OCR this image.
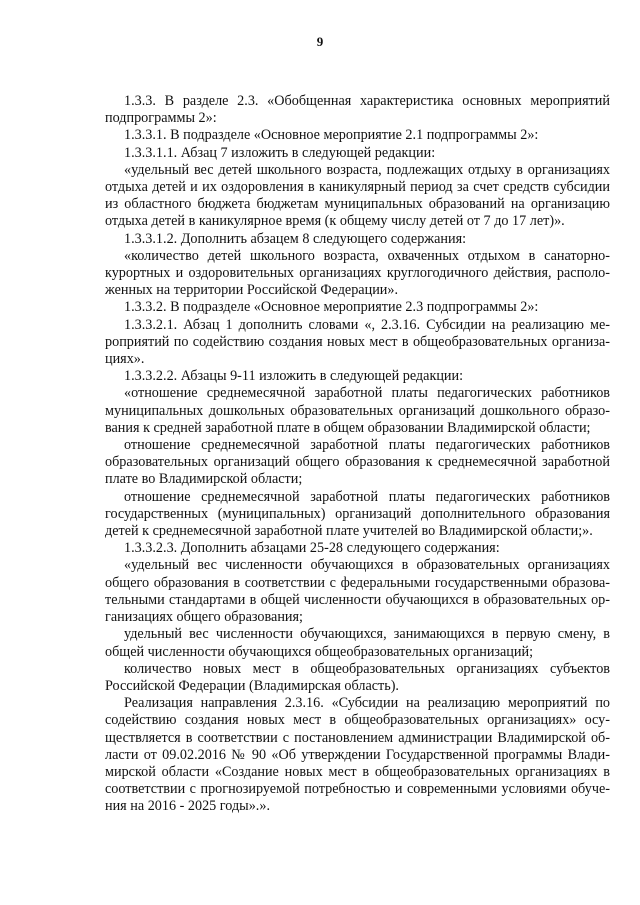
9

1.3.3. В разделе 2.3. «Обобщенная характеристика основных мероприятий подпрограммы 2»:

1.3.3.1. В подразделе «Основное мероприятие 2.1 подпрограммы 2»:

1.3.3.1.1. Абзац 7 изложить в следующей редакции:

«удельный вес детей школьного возраста, подлежащих отдыху в организациях отдыха детей и их оздоровления в каникулярный период за счет средств субсидии из областного бюджета бюджетам муниципальных образований на организацию отдыха детей в каникулярное время (к общему числу детей от 7 до 17 лет)».

1.3.3.1.2. Дополнить абзацем 8 следующего содержания:

«количество детей школьного возраста, охваченных отдыхом в санаторно-курортных и оздоровительных организациях круглогодичного действия, расположенных на территории Российской Федерации».

1.3.3.2. В подразделе «Основное мероприятие 2.3 подпрограммы 2»:

1.3.3.2.1. Абзац 1 дополнить словами «, 2.3.16. Субсидии на реализацию мероприятий по содействию создания новых мест в общеобразовательных организациях».

1.3.3.2.2. Абзацы 9-11 изложить в следующей редакции:

«отношение среднемесячной заработной платы педагогических работников муниципальных дошкольных образовательных организаций дошкольного образования к средней заработной плате в общем образовании Владимирской области;

отношение среднемесячной заработной платы педагогических работников образовательных организаций общего образования к среднемесячной заработной плате во Владимирской области;

отношение среднемесячной заработной платы педагогических работников государственных (муниципальных) организаций дополнительного образования детей к среднемесячной заработной плате учителей во Владимирской области;».

1.3.3.2.3. Дополнить абзацами 25-28 следующего содержания:

«удельный вес численности обучающихся в образовательных организациях общего образования в соответствии с федеральными государственными образовательными стандартами в общей численности обучающихся в образовательных организациях общего образования;

удельный вес численности обучающихся, занимающихся в первую смену, в общей численности обучающихся общеобразовательных организаций;

количество новых мест в общеобразовательных организациях субъектов Российской Федерации (Владимирская область).

Реализация направления 2.3.16. «Субсидии на реализацию мероприятий по содействию создания новых мест в общеобразовательных организациях» осуществляется в соответствии с постановлением администрации Владимирской области от 09.02.2016 № 90 «Об утверждении Государственной программы Владимирской области «Создание новых мест в общеобразовательных организациях в соответствии с прогнозируемой потребностью и современными условиями обучения на 2016 - 2025 годы».».
